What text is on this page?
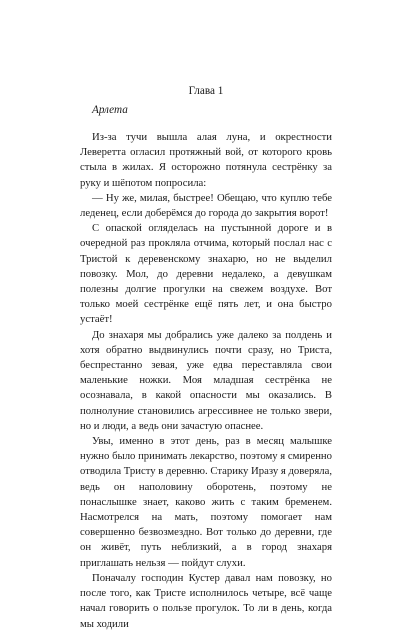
Глава 1
Арлета

Из-за тучи вышла алая луна, и окрестности Леверетта огласил протяжный вой, от которого кровь стыла в жилах. Я осторожно потянула сестрёнку за руку и шёпотом попросила:

— Ну же, милая, быстрее! Обещаю, что куплю тебе леденец, если доберёмся до города до закрытия ворот!

С опаской огляделась на пустынной дороге и в очередной раз прокляла отчима, который послал нас с Тристой к деревенскому знахарю, но не выделил повозку. Мол, до деревни недалеко, а девушкам полезны долгие прогулки на свежем воздухе. Вот только моей сестрёнке ещё пять лет, и она быстро устаёт!

До знахаря мы добрались уже далеко за полдень и хотя обратно выдвинулись почти сразу, но Триста, беспрестанно зевая, уже едва переставляла свои маленькие ножки. Моя младшая сестрёнка не осознавала, в какой опасности мы оказались. В полнолуние становились агрессивнее не только звери, но и люди, а ведь они зачастую опаснее.

Увы, именно в этот день, раз в месяц малышке нужно было принимать лекарство, поэтому я смиренно отводила Тристу в деревню. Старику Иразу я доверяла, ведь он наполовину оборотень, поэтому не понаслышке знает, каково жить с таким бременем. Насмотрелся на мать, поэтому помогает нам совершенно безвозмездно. Вот только до деревни, где он живёт, путь неблизкий, а в город знахаря приглашать нельзя — пойдут слухи.

Поначалу господин Кустер давал нам повозку, но после того, как Тристе исполнилось четыре, всё чаще начал говорить о пользе прогулок. То ли в день, когда мы ходили
